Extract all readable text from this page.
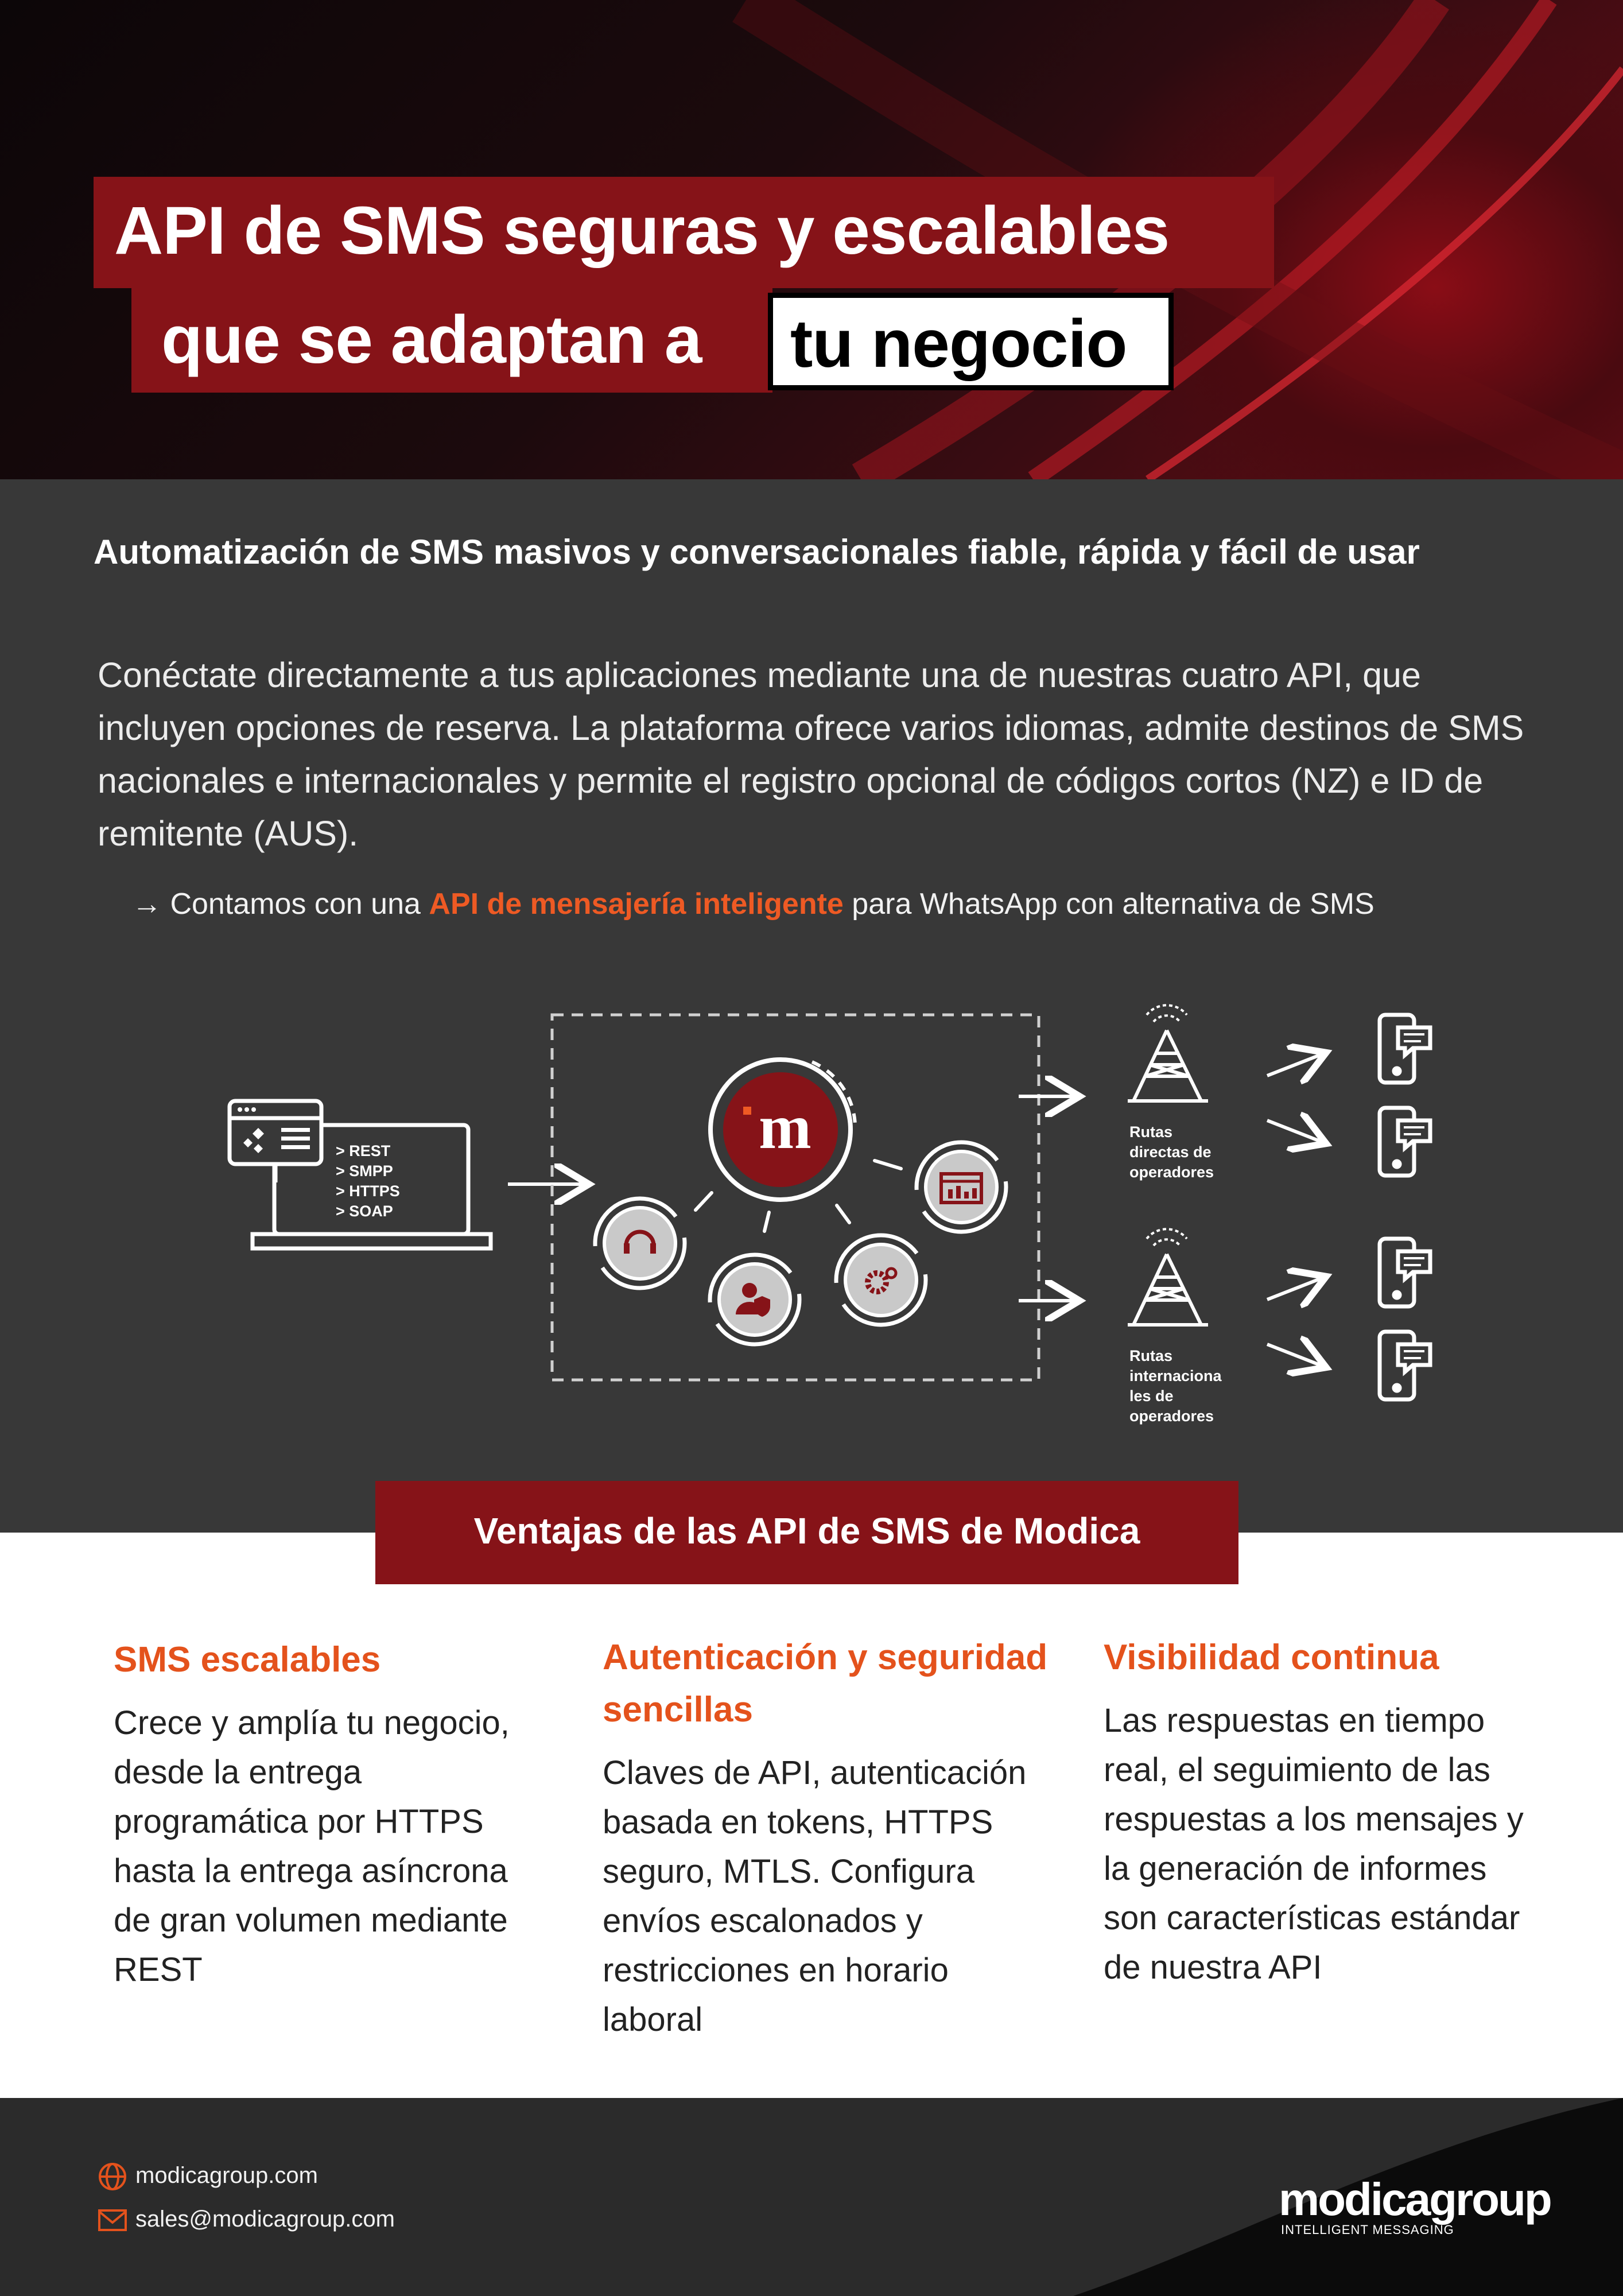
API de SMS seguras y escalables
que se adaptan a tu negocio
Automatización de SMS masivos y conversacionales fiable, rápida y fácil de usar
Conéctate directamente a tus aplicaciones mediante una de nuestras cuatro API, que incluyen opciones de reserva. La plataforma ofrece varios idiomas, admite destinos de SMS nacionales e internacionales y permite el registro opcional de códigos cortos (NZ) e ID de remitente (AUS).
→ Contamos con una API de mensajería inteligente para WhatsApp con alternativa de SMS
m
> REST
> SMPP
> HTTPS
> SOAP
Rutas
directas de
operadores
Rutas
internaciona
les de
operadores
Ventajas de las API de SMS de Modica
SMS escalables

Crece y amplía tu negocio, desde la entrega programática por HTTPS hasta la entrega asíncrona de gran volumen mediante REST

Autenticación y seguridad sencillas

Claves de API, autenticación basada en tokens, HTTPS seguro, MTLS. Configura envíos escalonados y restricciones en horario laboral

Visibilidad continua

Las respuestas en tiempo real, el seguimiento de las respuestas a los mensajes y la generación de informes son características estándar de nuestra API

modicagroup.com
sales@modicagroup.com	modicagroup
INTELLIGENT MESSAGING
